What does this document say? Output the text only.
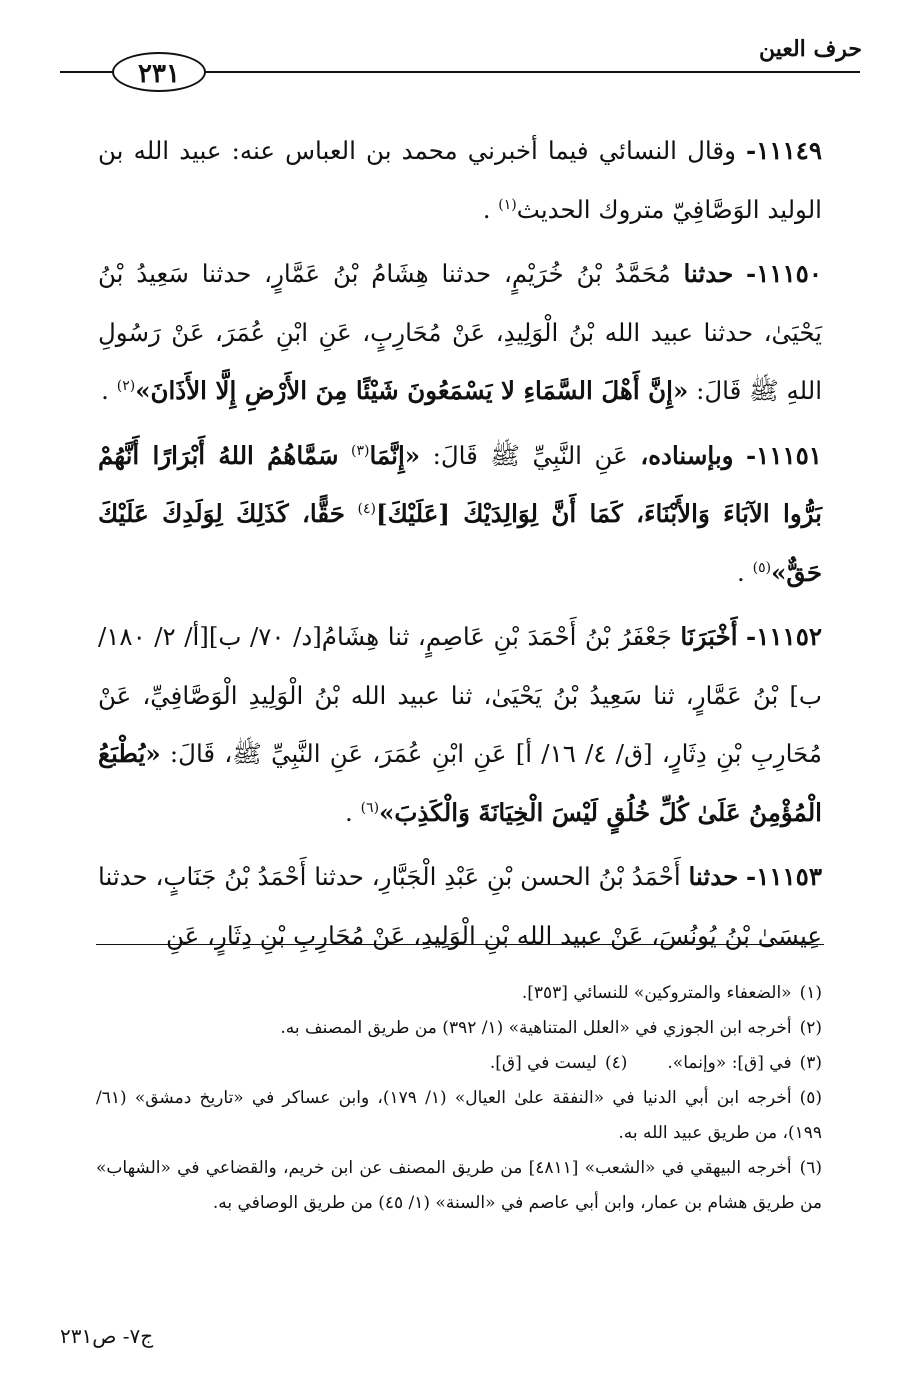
حرف العين
٢٣١

١١١٤٩- وقال النسائي فيما أخبرني محمد بن العباس عنه: عبيد الله بن الوليد الوَصَّافِيّ متروك الحديث$^{(١)}$ .

١١١٥٠- حدثنا مُحَمَّدُ بْنُ خُرَيْمٍ، حدثنا هِشَامُ بْنُ عَمَّارٍ، حدثنا سَعِيدُ بْنُ يَحْيَىٰ، حدثنا عبيد الله بْنُ الْوَلِيدِ، عَنْ مُحَارِبٍ، عَنِ ابْنِ عُمَرَ، عَنْ رَسُولِ اللهِ ﷺ قَالَ: «إِنَّ أَهْلَ السَّمَاءِ لا يَسْمَعُونَ شَيْئًا مِنَ الأَرْضِ إِلَّا الأَذَانَ»$^{(٢)}$ .

١١١٥١- وبإسناده، عَنِ النَّبِيِّ ﷺ قَالَ: «إِنَّمَا$^{(٣)}$ سَمَّاهُمُ اللهُ أَبْرَارًا أَنَّهُمْ بَرُّوا الآبَاءَ وَالأَبْنَاءَ، كَمَا أَنَّ لِوَالِدَيْكَ [عَلَيْكَ]$^{(٤)}$ حَقًّا، كَذَلِكَ لِوَلَدِكَ عَلَيْكَ حَقٌّ»$^{(٥)}$ .

١١١٥٢- أَخْبَرَنَا جَعْفَرُ بْنُ أَحْمَدَ بْنِ عَاصِمٍ، ثنا هِشَامُ[د/ ٧٠/ ب][أ/ ٢/ ١٨٠/ ب] بْنُ عَمَّارٍ، ثنا سَعِيدُ بْنُ يَحْيَىٰ، ثنا عبيد الله بْنُ الْوَلِيدِ الْوَصَّافِيِّ، عَنْ مُحَارِبِ بْنِ دِثَارٍ، [ق/ ٤/ ١٦/ أ] عَنِ ابْنِ عُمَرَ، عَنِ النَّبِيِّ ﷺ، قَالَ: «يُطْبَعُ الْمُؤْمِنُ عَلَىٰ كُلِّ خُلُقٍ لَيْسَ الْخِيَانَةَ وَالْكَذِبَ»$^{(٦)}$ .

١١١٥٣- حدثنا أَحْمَدُ بْنُ الحسن بْنِ عَبْدِ الْجَبَّارِ، حدثنا أَحْمَدُ بْنُ جَنَابٍ، حدثنا عِيسَىٰ بْنُ يُونُسَ، عَنْ عبيد الله بْنِ الْوَلِيدِ، عَنْ مُحَارِبِ بْنِ دِثَارٍ، عَنِ

(١)«الضعفاء والمتروكين» للنسائي [٣٥٣].

(٢)أخرجه ابن الجوزي في «العلل المتناهية» (١/ ٣٩٢) من طريق المصنف به.

(٣)في [ق]: «وإنما».
(٤)ليست في [ق].

(٥)أخرجه ابن أبي الدنيا في «النفقة علىٰ العيال» (١/ ١٧٩)، وابن عساكر في «تاريخ دمشق» (٦١/ ١٩٩)، من طريق عبيد الله به.

(٦)أخرجه البيهقي في «الشعب» [٤٨١١] من طريق المصنف عن ابن خريم، والقضاعي في «الشهاب» من طريق هشام بن عمار، وابن أبي عاصم في «السنة» (١/ ٤٥) من طريق الوصافي به.

ج٧- ص٢٣١
